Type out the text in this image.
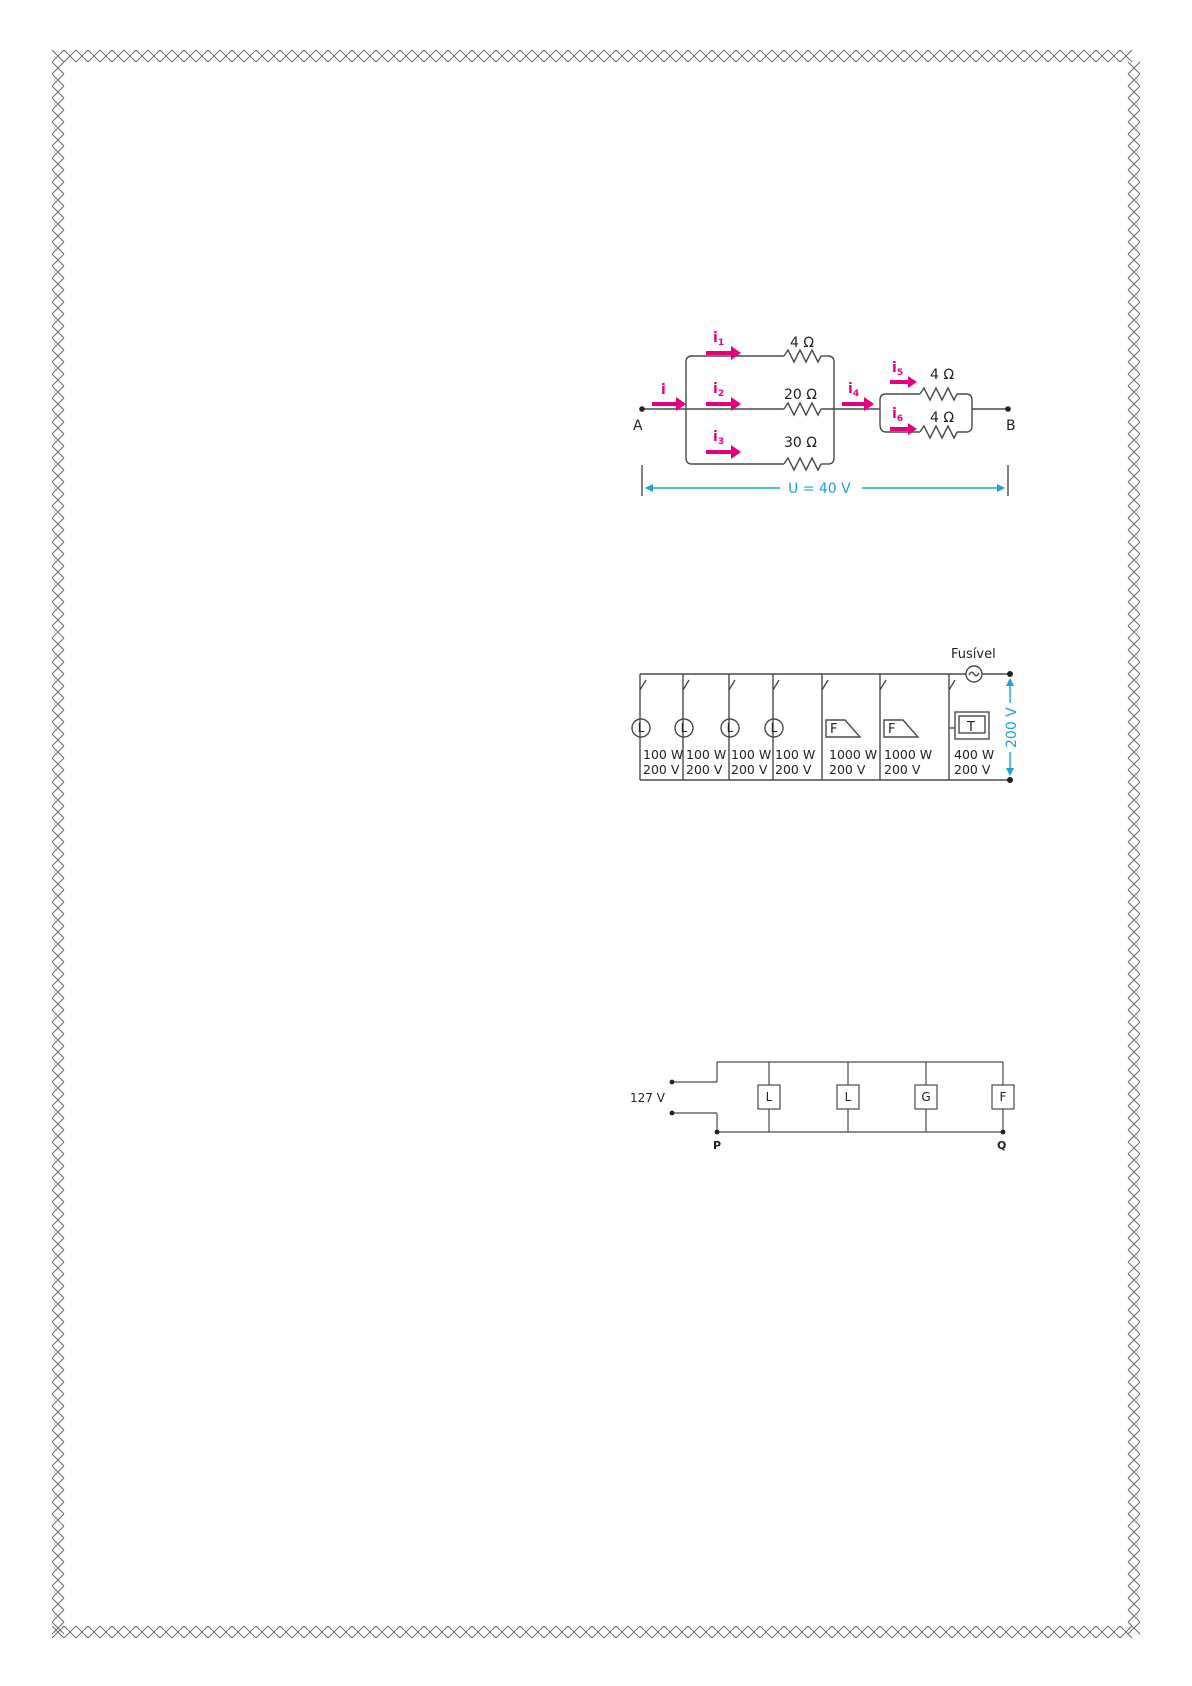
A	B
i
$i_1$
$i_2$
$i_3$
$i_4$
$i_5$
$i_6$
4 Ω
20 Ω
30 Ω
4 Ω
4 Ω
U = 40 V
200 V
Fusível
L	L	L	L	F	F	T
100 W
200 V
100 W
200 V
100 W
200 V
100 W
200 V
1000 W
200 V
1000 W
200 V
400 W
200 V
L	L	G	F
127 V
P	Q
